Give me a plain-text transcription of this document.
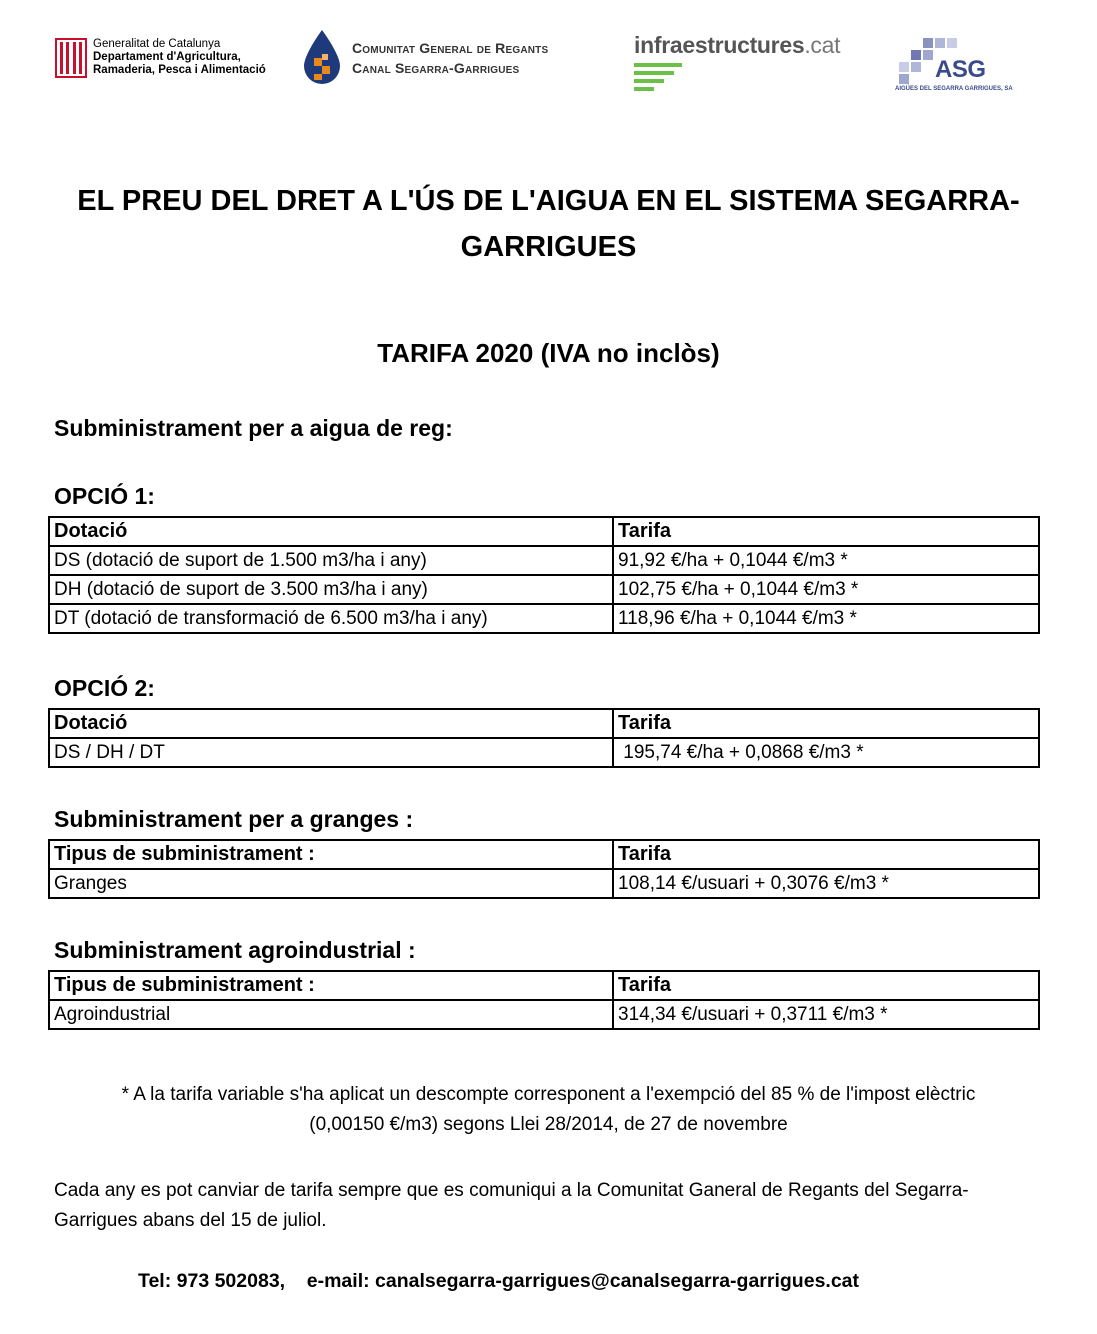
Generalitat de Catalunya
Departament d'Agricultura,
Ramaderia, Pesca i Alimentació
Comunitat General de Regants
Canal Segarra-Garrigues
infraestructures.cat
ASG
AIGÜES DEL SEGARRA GARRIGUES, SA
EL PREU DEL DRET A L'ÚS DE L'AIGUA EN EL SISTEMA SEGARRA-GARRIGUES
TARIFA 2020 (IVA no inclòs)
Subministrament per a aigua de reg:
OPCIÓ 1:
Dotació	Tarifa
DS (dotació de suport de 1.500 m3/ha i any)	91,92 €/ha + 0,1044 €/m3 *
DH (dotació de suport de 3.500 m3/ha i any)	102,75 €/ha + 0,1044 €/m3 *
DT (dotació de transformació de 6.500 m3/ha i any)	118,96 €/ha + 0,1044 €/m3 *
OPCIÓ 2:
Dotació	Tarifa
DS / DH / DT	195,74 €/ha + 0,0868 €/m3 *
Subministrament per a granges :
Tipus de subministrament :	Tarifa
Granges	108,14 €/usuari + 0,3076 €/m3 *
Subministrament agroindustrial :
Tipus de subministrament :	Tarifa
Agroindustrial	314,34 €/usuari + 0,3711 €/m3 *
* A la tarifa variable s'ha aplicat un descompte corresponent a l'exempció del 85 % de l'impost elèctric
(0,00150 €/m3) segons Llei 28/2014, de 27 de novembre
Cada any es pot canviar de tarifa sempre que es comuniqui a la Comunitat Ganeral de Regants del Segarra-Garrigues abans del 15 de juliol.
Tel: 973 502083,    e-mail: canalsegarra-garrigues@canalsegarra-garrigues.cat
